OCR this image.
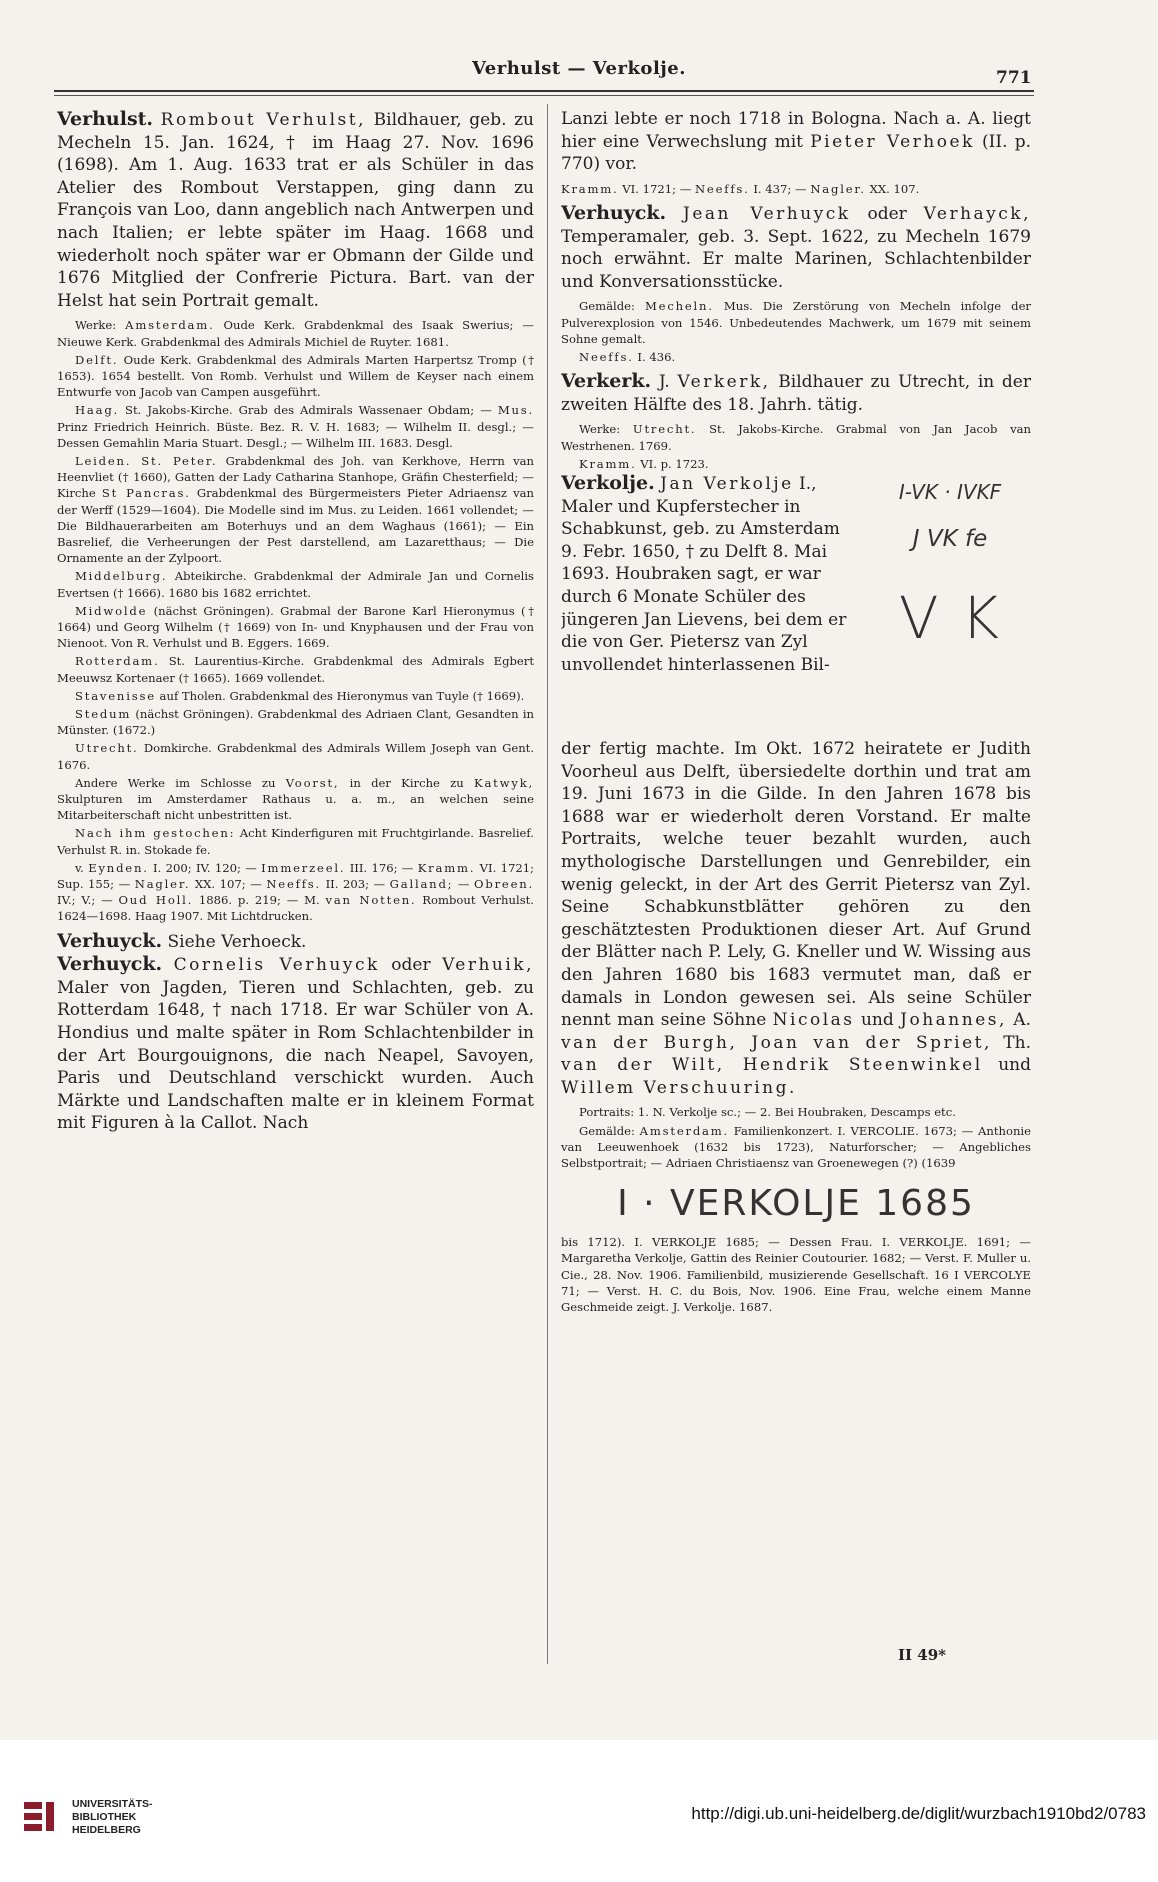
Verhulst — Verkolje.	771

Verhulst. Rombout Verhulst, Bildhauer, geb. zu Mecheln 15. Jan. 1624, † im Haag 27. Nov. 1696 (1698). Am 1. Aug. 1633 trat er als Schüler in das Atelier des Rombout Verstappen, ging dann zu François van Loo, dann angeblich nach Antwerpen und nach Italien; er lebte später im Haag. 1668 und wiederholt noch später war er Obmann der Gilde und 1676 Mitglied der Confrerie Pictura. Bart. van der Helst hat sein Portrait gemalt.

Werke: Amsterdam. Oude Kerk. Grabdenkmal des Isaak Swerius; — Nieuwe Kerk. Grabdenkmal des Admirals Michiel de Ruyter. 1681.

Delft. Oude Kerk. Grabdenkmal des Admirals Marten Harpertsz Tromp († 1653). 1654 bestellt. Von Romb. Verhulst und Willem de Keyser nach einem Entwurfe von Jacob van Campen ausgeführt.

Haag. St. Jakobs-Kirche. Grab des Admirals Wassenaer Obdam; — Mus. Prinz Friedrich Heinrich. Büste. Bez. R. V. H. 1683; — Wilhelm II. desgl.; — Dessen Gemahlin Maria Stuart. Desgl.; — Wilhelm III. 1683. Desgl.

Leiden. St. Peter. Grabdenkmal des Joh. van Kerkhove, Herrn van Heenvliet († 1660), Gatten der Lady Catharina Stanhope, Gräfin Chesterfield; — Kirche St Pancras. Grabdenkmal des Bürgermeisters Pieter Adriaensz van der Werff (1529—1604). Die Modelle sind im Mus. zu Leiden. 1661 vollendet; — Die Bildhauerarbeiten am Boterhuys und an dem Waghaus (1661); — Ein Basrelief, die Verheerungen der Pest darstellend, am Lazaretthaus; — Die Ornamente an der Zylpoort.

Middelburg. Abteikirche. Grabdenkmal der Admirale Jan und Cornelis Evertsen († 1666). 1680 bis 1682 errichtet.

Midwolde (nächst Gröningen). Grabmal der Barone Karl Hieronymus († 1664) und Georg Wilhelm († 1669) von In- und Knyphausen und der Frau von Nienoot. Von R. Verhulst und B. Eggers. 1669.

Rotterdam. St. Laurentius-Kirche. Grabdenkmal des Admirals Egbert Meeuwsz Kortenaer († 1665). 1669 vollendet.

Stavenisse auf Tholen. Grabdenkmal des Hieronymus van Tuyle († 1669).

Stedum (nächst Gröningen). Grabdenkmal des Adriaen Clant, Gesandten in Münster. (1672.)

Utrecht. Domkirche. Grabdenkmal des Admirals Willem Joseph van Gent. 1676.

Andere Werke im Schlosse zu Voorst, in der Kirche zu Katwyk, Skulpturen im Amsterdamer Rathaus u. a. m., an welchen seine Mitarbeiterschaft nicht unbestritten ist.

Nach ihm gestochen: Acht Kinderfiguren mit Fruchtgirlande. Basrelief. Verhulst R. in. Stokade fe.

v. Eynden. I. 200; IV. 120; — Immerzeel. III. 176; — Kramm. VI. 1721; Sup. 155; — Nagler. XX. 107; — Neeffs. II. 203; — Galland; — Obreen. IV.; V.; — Oud Holl. 1886. p. 219; — M. van Notten. Rombout Verhulst. 1624—1698. Haag 1907. Mit Lichtdrucken.

Verhuyck. Siehe Verhoeck.

Verhuyck. Cornelis Verhuyck oder Verhuik, Maler von Jagden, Tieren und Schlachten, geb. zu Rotterdam 1648, † nach 1718. Er war Schüler von A. Hondius und malte später in Rom Schlachtenbilder in der Art Bourgouignons, die nach Neapel, Savoyen, Paris und Deutschland verschickt wurden. Auch Märkte und Landschaften malte er in kleinem Format mit Figuren à la Callot. Nach

Lanzi lebte er noch 1718 in Bologna. Nach a. A. liegt hier eine Verwechslung mit Pieter Verhoek (II. p. 770) vor.

Kramm. VI. 1721; — Neeffs. I. 437; — Nagler. XX. 107.

Verhuyck. Jean Verhuyck oder Verhayck, Temperamaler, geb. 3. Sept. 1622, zu Mecheln 1679 noch erwähnt. Er malte Marinen, Schlachtenbilder und Konversationsstücke.

Gemälde: Mecheln. Mus. Die Zerstörung von Mecheln infolge der Pulverexplosion von 1546. Unbedeutendes Machwerk, um 1679 mit seinem Sohne gemalt.

Neeffs. I. 436.

Verkerk. J. Verkerk, Bildhauer zu Utrecht, in der zweiten Hälfte des 18. Jahrh. tätig.

Werke: Utrecht. St. Jakobs-Kirche. Grabmal von Jan Jacob van Westrhenen. 1769.

Kramm. VI. p. 1723.

Verkolje. Jan Verkolje I., Maler und Kupferstecher in Schabkunst, geb. zu Amsterdam 9. Febr. 1650, † zu Delft 8. Mai 1693. Houbraken sagt, er war durch 6 Monate Schüler des jüngeren Jan Lievens, bei dem er die von Ger. Pietersz van Zyl unvollendet hinterlassenen Bil-

I-VK · IVKF
J VK fe
V K

der fertig machte. Im Okt. 1672 heiratete er Judith Voorheul aus Delft, übersiedelte dorthin und trat am 19. Juni 1673 in die Gilde. In den Jahren 1678 bis 1688 war er wiederholt deren Vorstand. Er malte Portraits, welche teuer bezahlt wurden, auch mythologische Darstellungen und Genrebilder, ein wenig geleckt, in der Art des Gerrit Pietersz van Zyl. Seine Schabkunstblätter gehören zu den geschätztesten Produktionen dieser Art. Auf Grund der Blätter nach P. Lely, G. Kneller und W. Wissing aus den Jahren 1680 bis 1683 vermutet man, daß er damals in London gewesen sei. Als seine Schüler nennt man seine Söhne Nicolas und Johannes, A. van der Burgh, Joan van der Spriet, Th. van der Wilt, Hendrik Steenwinkel und Willem Verschuuring.

Portraits: 1. N. Verkolje sc.; — 2. Bei Houbraken, Descamps etc.

Gemälde: Amsterdam. Familienkonzert. I. VERCOLIE. 1673; — Anthonie van Leeuwenhoek (1632 bis 1723), Naturforscher; — Angebliches Selbstportrait; — Adriaen Christiaensz van Groenewegen (?) (1639

I · VERKOLJE 1685

bis 1712). I. VERKOLJE 1685; — Dessen Frau. I. VERKOLJE. 1691; — Margaretha Verkolje, Gattin des Reinier Coutourier. 1682; — Verst. F. Muller u. Cie., 28. Nov. 1906. Familienbild, musizierende Gesellschaft. 16 I VERCOLYE 71; — Verst. H. C. du Bois, Nov. 1906. Eine Frau, welche einem Manne Geschmeide zeigt. J. Verkolje. 1687.

II 49*
UNIVERSITÄTS-
BIBLIOTHEK
HEIDELBERG
http://digi.ub.uni-heidelberg.de/diglit/wurzbach1910bd2/0783
